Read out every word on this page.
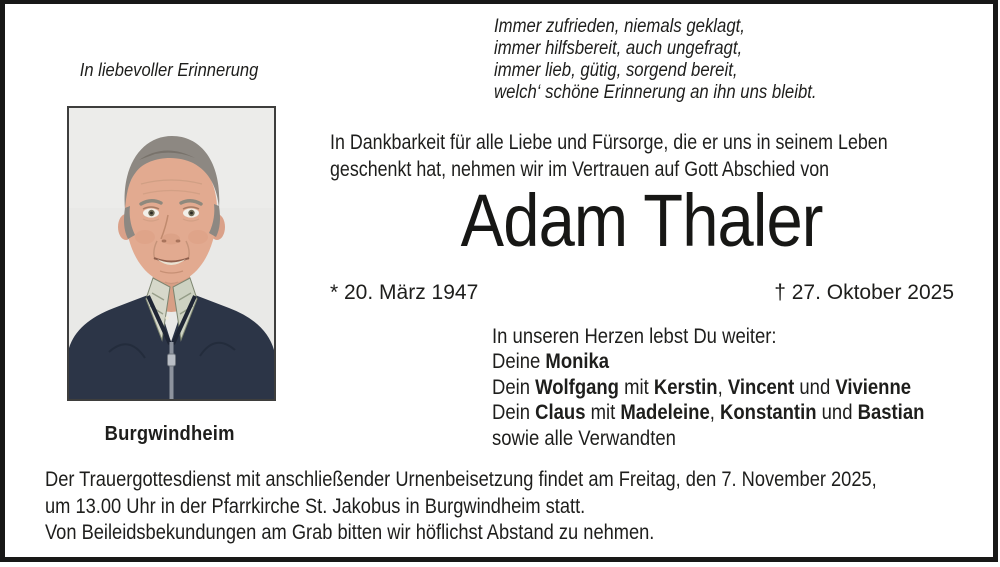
In liebevoller Erinnerung
Burgwindheim
Immer zufrieden, niemals geklagt,
immer hilfsbereit, auch ungefragt,
immer lieb, gütig, sorgend bereit,
welch‘ schöne Erinnerung an ihn uns bleibt.
In Dankbarkeit für alle Liebe und Fürsorge, die er uns in seinem Leben
geschenkt hat, nehmen wir im Vertrauen auf Gott Abschied von
Adam Thaler
* 20. März 1947	† 27. Oktober 2025
In unseren Herzen lebst Du weiter:
Deine Monika
Dein Wolfgang mit Kerstin, Vincent und Vivienne
Dein Claus mit Madeleine, Konstantin und Bastian
sowie alle Verwandten
Der Trauergottesdienst mit anschließender Urnenbeisetzung findet am Freitag, den 7. November 2025,
um 13.00 Uhr in der Pfarrkirche St. Jakobus in Burgwindheim statt.
Von Beileidsbekundungen am Grab bitten wir höflichst Abstand zu nehmen.
